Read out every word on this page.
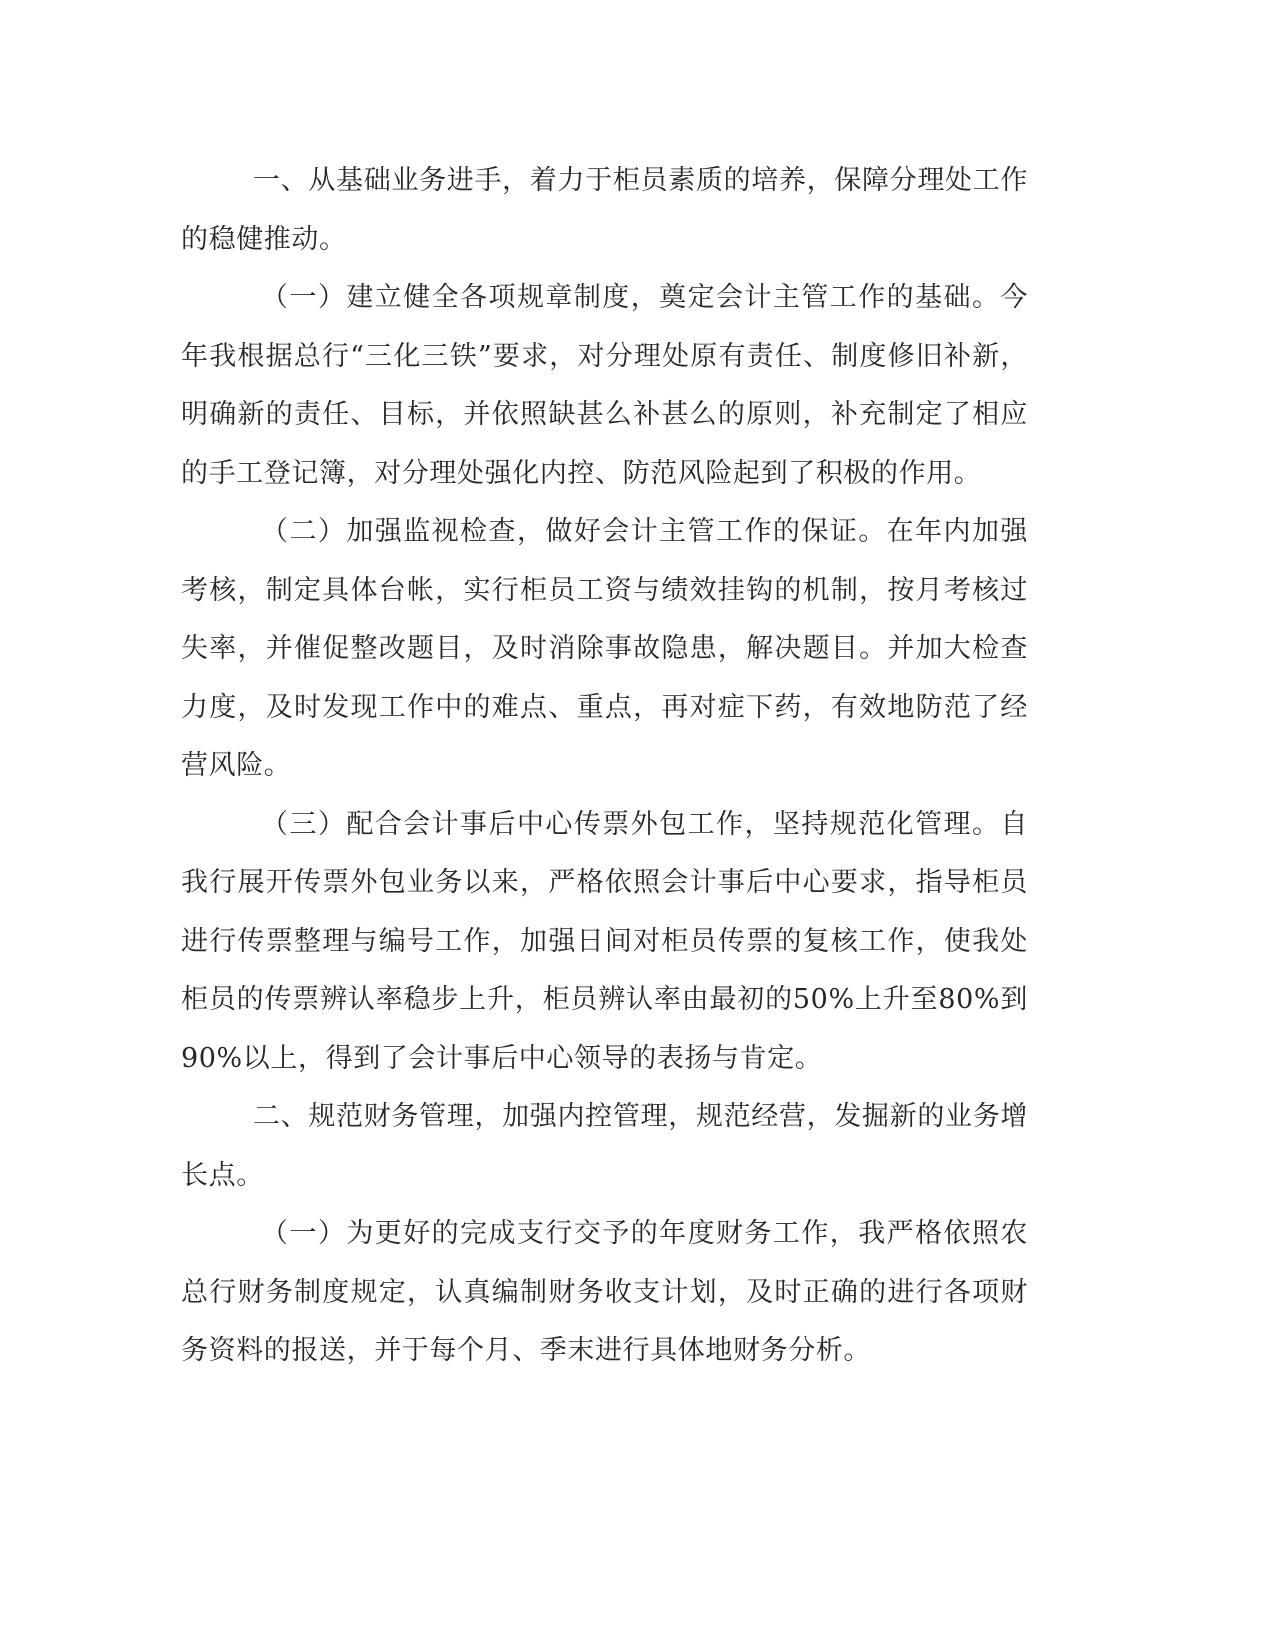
一、从基础业务进手，着力于柜员素质的培养，保障分理处工作的稳健推动。

（一）建立健全各项规章制度，奠定会计主管工作的基础。今年我根据总行“三化三铁”要求，对分理处原有责任、制度修旧补新，明确新的责任、目标，并依照缺甚么补甚么的原则，补充制定了相应的手工登记簿，对分理处强化内控、防范风险起到了积极的作用。

（二）加强监视检查，做好会计主管工作的保证。在年内加强考核，制定具体台帐，实行柜员工资与绩效挂钩的机制，按月考核过失率，并催促整改题目，及时消除事故隐患，解决题目。并加大检查力度，及时发现工作中的难点、重点，再对症下药，有效地防范了经营风险。

（三）配合会计事后中心传票外包工作，坚持规范化管理。自我行展开传票外包业务以来，严格依照会计事后中心要求，指导柜员进行传票整理与编号工作，加强日间对柜员传票的复核工作，使我处柜员的传票辨认率稳步上升，柜员辨认率由最初的50%上升至80%到90%以上，得到了会计事后中心领导的表扬与肯定。

二、规范财务管理，加强内控管理，规范经营，发掘新的业务增长点。

（一）为更好的完成支行交予的年度财务工作，我严格依照农总行财务制度规定，认真编制财务收支计划，及时正确的进行各项财务资料的报送，并于每个月、季末进行具体地财务分析。
